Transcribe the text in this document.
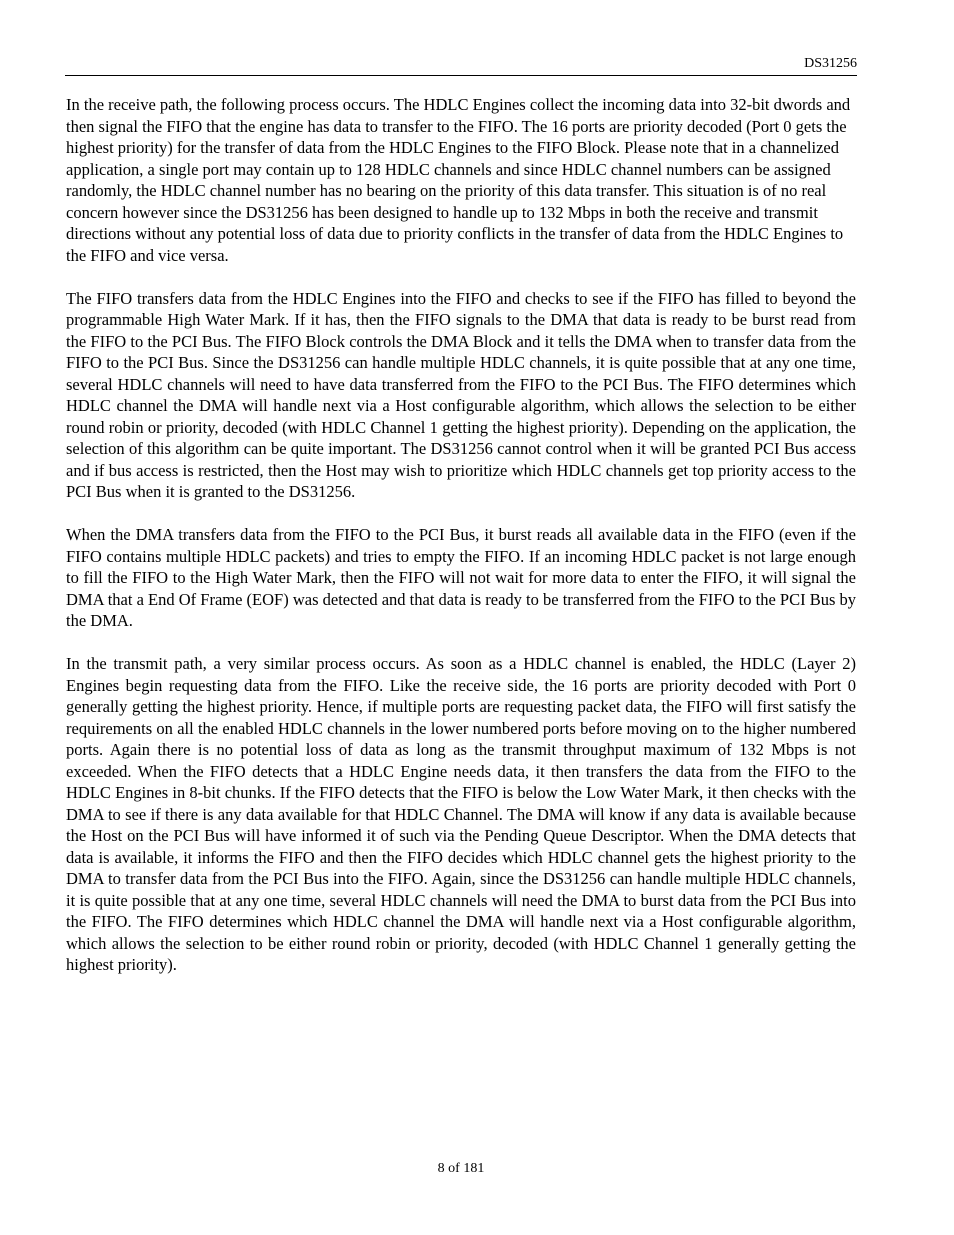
DS31256

In the receive path, the following process occurs. The HDLC Engines collect the incoming data into 32-bit dwords and then signal the FIFO that the engine has data to transfer to the FIFO. The 16 ports are priority decoded (Port 0 gets the highest priority) for the transfer of data from the HDLC Engines to the FIFO Block. Please note that in a channelized application, a single port may contain up to 128 HDLC channels and since HDLC channel numbers can be assigned randomly, the HDLC channel number has no bearing on the priority of this data transfer. This situation is of no real concern however since the DS31256 has been designed to handle up to 132 Mbps in both the receive and transmit directions without any potential loss of data due to priority conflicts in the transfer of data from the HDLC Engines to the FIFO and vice versa.

The FIFO transfers data from the HDLC Engines into the FIFO and checks to see if the FIFO has filled to beyond the programmable High Water Mark. If it has, then the FIFO signals to the DMA that data is ready to be burst read from the FIFO to the PCI Bus. The FIFO Block controls the DMA Block and it tells the DMA when to transfer data from the FIFO to the PCI Bus. Since the DS31256 can handle multiple HDLC channels, it is quite possible that at any one time, several HDLC channels will need to have data transferred from the FIFO to the PCI Bus. The FIFO determines which HDLC channel the DMA will handle next via a Host configurable algorithm, which allows the selection to be either round robin or priority, decoded (with HDLC Channel 1 getting the highest priority). Depending on the application, the selection of this algorithm can be quite important. The DS31256 cannot control when it will be granted PCI Bus access and if bus access is restricted, then the Host may wish to prioritize which HDLC channels get top priority access to the PCI Bus when it is granted to the DS31256.

When the DMA transfers data from the FIFO to the PCI Bus, it burst reads all available data in the FIFO (even if the FIFO contains multiple HDLC packets) and tries to empty the FIFO. If an incoming HDLC packet is not large enough to fill the FIFO to the High Water Mark, then the FIFO will not wait for more data to enter the FIFO, it will signal the DMA that a End Of Frame (EOF) was detected and that data is ready to be transferred from the FIFO to the PCI Bus by the DMA.

In the transmit path, a very similar process occurs. As soon as a HDLC channel is enabled, the HDLC (Layer 2) Engines begin requesting data from the FIFO. Like the receive side, the 16 ports are priority decoded with Port 0 generally getting the highest priority. Hence, if multiple ports are requesting packet data, the FIFO will first satisfy the requirements on all the enabled HDLC channels in the lower numbered ports before moving on to the higher numbered ports. Again there is no potential loss of data as long as the transmit throughput maximum of 132 Mbps is not exceeded. When the FIFO detects that a HDLC Engine needs data, it then transfers the data from the FIFO to the HDLC Engines in 8-bit chunks. If the FIFO detects that the FIFO is below the Low Water Mark, it then checks with the DMA to see if there is any data available for that HDLC Channel. The DMA will know if any data is available because the Host on the PCI Bus will have informed it of such via the Pending Queue Descriptor. When the DMA detects that data is available, it informs the FIFO and then the FIFO decides which HDLC channel gets the highest priority to the DMA to transfer data from the PCI Bus into the FIFO. Again, since the DS31256 can handle multiple HDLC channels, it is quite possible that at any one time, several HDLC channels will need the DMA to burst data from the PCI Bus into the FIFO. The FIFO determines which HDLC channel the DMA will handle next via a Host configurable algorithm, which allows the selection to be either round robin or priority, decoded (with HDLC Channel 1 generally getting the highest priority).

8 of 181
